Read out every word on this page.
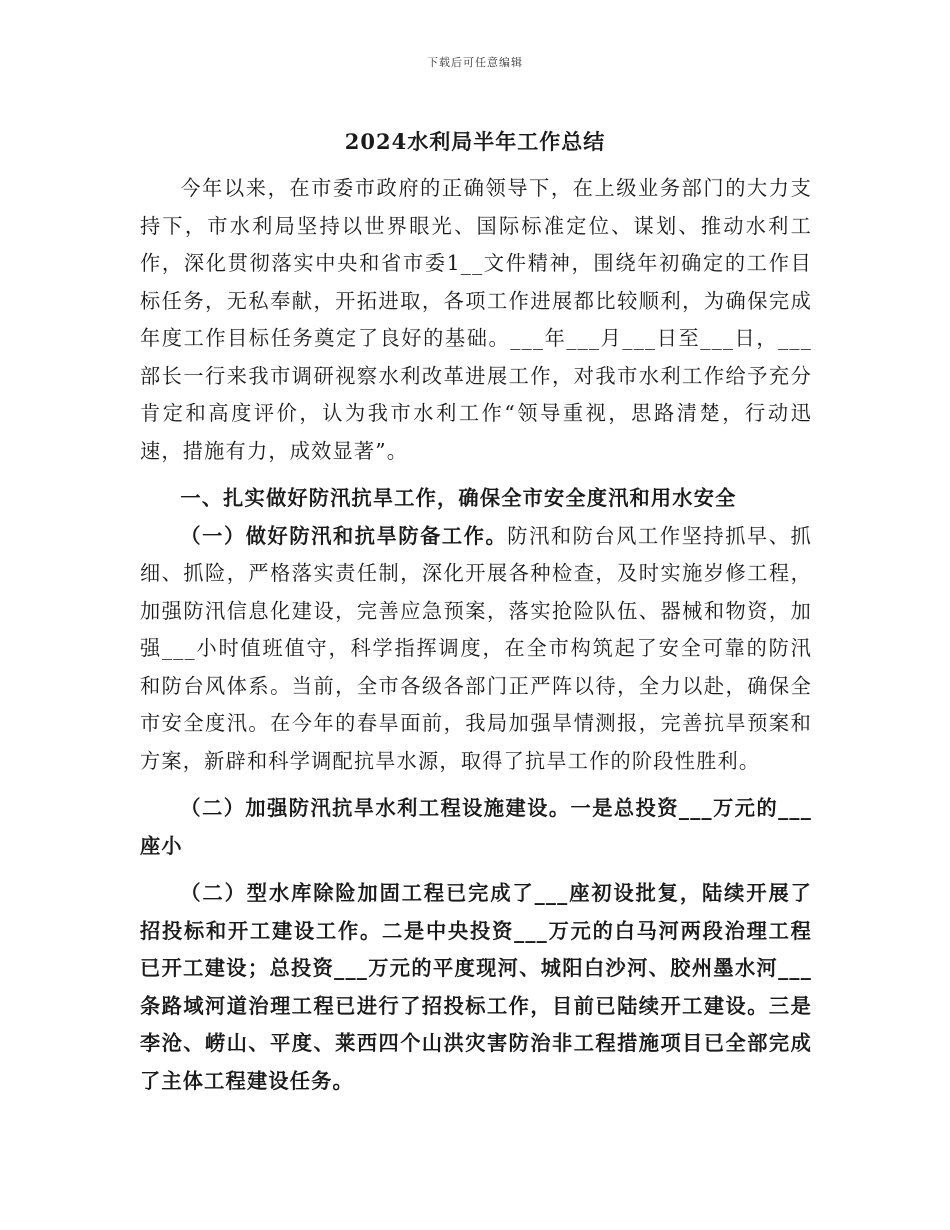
下载后可任意编辑
2024水利局半年工作总结

今年以来，在市委市政府的正确领导下，在上级业务部门的大力支持下，市水利局坚持以世界眼光、国际标准定位、谋划、推动水利工作，深化贯彻落实中央和省市委1__文件精神，围绕年初确定的工作目标任务，无私奉献，开拓进取，各项工作进展都比较顺利，为确保完成年度工作目标任务奠定了良好的基础。___年___月___日至___日，___部长一行来我市调研视察水利改革进展工作，对我市水利工作给予充分肯定和高度评价，认为我市水利工作“领导重视，思路清楚，行动迅速，措施有力，成效显著”。

一、扎实做好防汛抗旱工作，确保全市安全度汛和用水安全

（一）做好防汛和抗旱防备工作。防汛和防台风工作坚持抓早、抓细、抓险，严格落实责任制，深化开展各种检查，及时实施岁修工程，加强防汛信息化建设，完善应急预案，落实抢险队伍、器械和物资，加强___小时值班值守，科学指挥调度，在全市构筑起了安全可靠的防汛和防台风体系。当前，全市各级各部门正严阵以待，全力以赴，确保全市安全度汛。在今年的春旱面前，我局加强旱情测报，完善抗旱预案和方案，新辟和科学调配抗旱水源，取得了抗旱工作的阶段性胜利。

（二）加强防汛抗旱水利工程设施建设。一是总投资___万元的___座小

（二）型水库除险加固工程已完成了___座初设批复，陆续开展了招投标和开工建设工作。二是中央投资___万元的白马河两段治理工程已开工建设；总投资___万元的平度现河、城阳白沙河、胶州墨水河___条路域河道治理工程已进行了招投标工作，目前已陆续开工建设。三是李沧、崂山、平度、莱西四个山洪灾害防治非工程措施项目已全部完成了主体工程建设任务。
